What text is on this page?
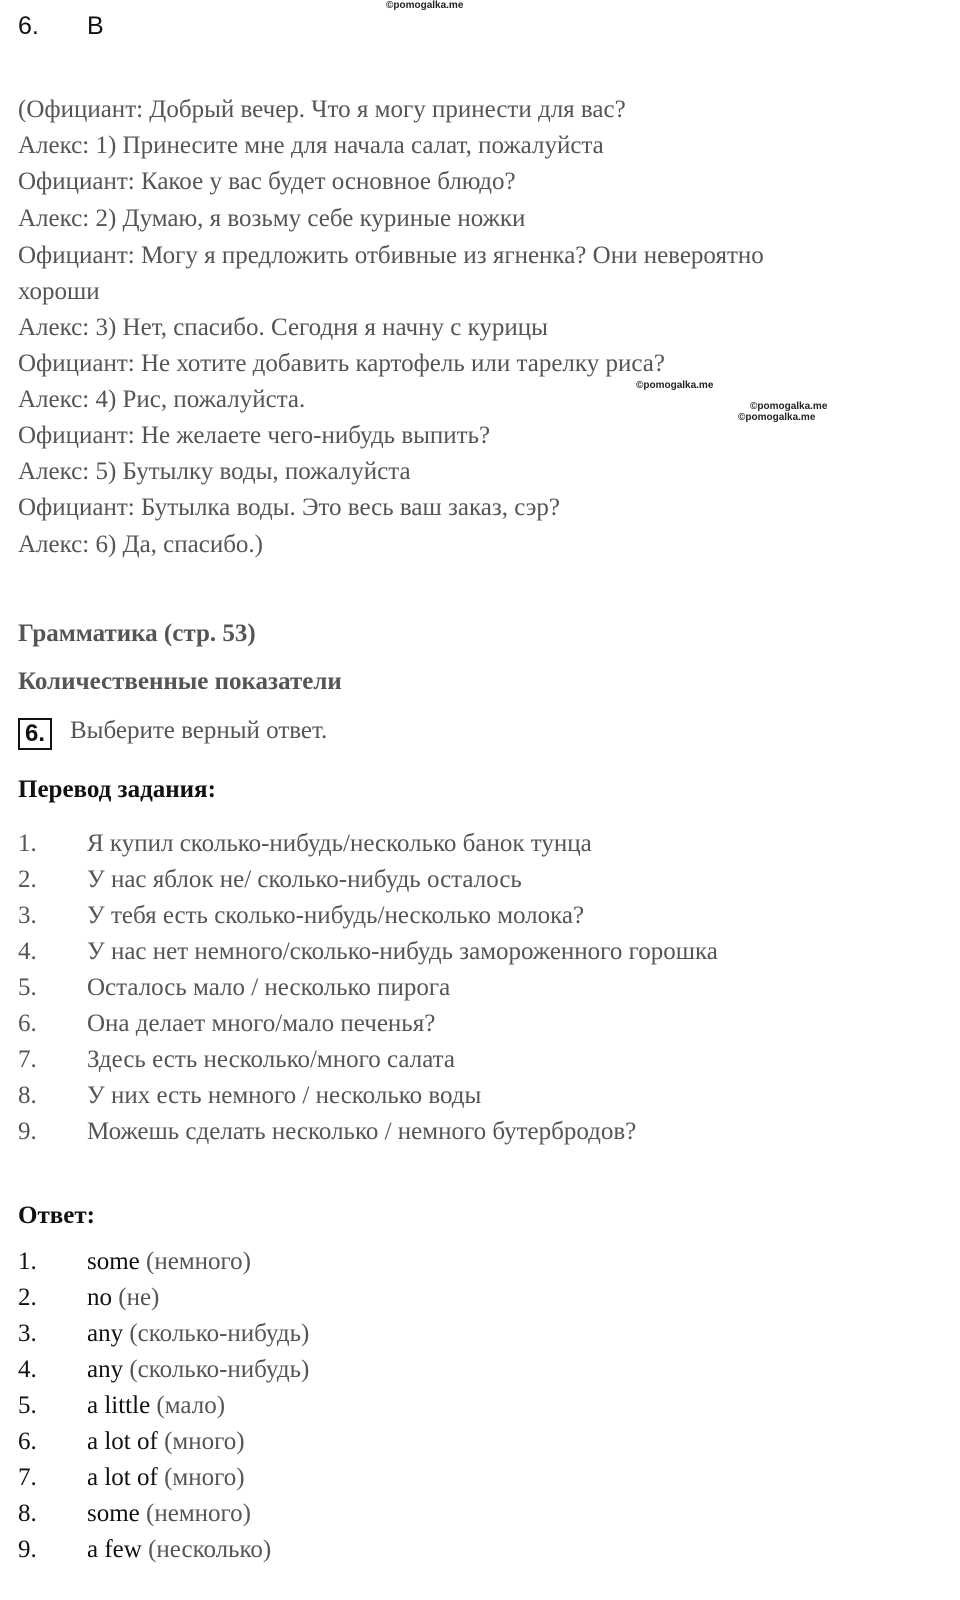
©pomogalka.me
©pomogalka.me
©pomogalka.me
©pomogalka.me
6. B
(Официант: Добрый вечер. Что я могу принести для вас?
Алекс: 1) Принесите мне для начала салат, пожалуйста
Официант: Какое у вас будет основное блюдо?
Алекс: 2) Думаю, я возьму себе куриные ножки
Официант: Могу я предложить отбивные из ягненка? Они невероятно
хороши
Алекс: 3) Нет, спасибо. Сегодня я начну с курицы
Официант: Не хотите добавить картофель или тарелку риса?
Алекс: 4) Рис, пожалуйста.
Официант: Не желаете чего-нибудь выпить?
Алекс: 5) Бутылку воды, пожалуйста
Официант: Бутылка воды. Это весь ваш заказ, сэр?
Алекс: 6) Да, спасибо.)
Грамматика (стр. 53)
Количественные показатели
6. Выберите верный ответ.
Перевод задания:
1. Я купил сколько-нибудь/несколько банок тунца
2. У нас яблок не/ сколько-нибудь осталось
3. У тебя есть сколько-нибудь/несколько молока?
4. У нас нет немного/сколько-нибудь замороженного горошка
5. Осталось мало / несколько пирога
6. Она делает много/мало печенья?
7. Здесь есть несколько/много салата
8. У них есть немного / несколько воды
9. Можешь сделать несколько / немного бутербродов?
Ответ:
1. some (немного)
2. no (не)
3. any (сколько-нибудь)
4. any (сколько-нибудь)
5. a little (мало)
6. a lot of (много)
7. a lot of (много)
8. some (немного)
9. a few (несколько)
